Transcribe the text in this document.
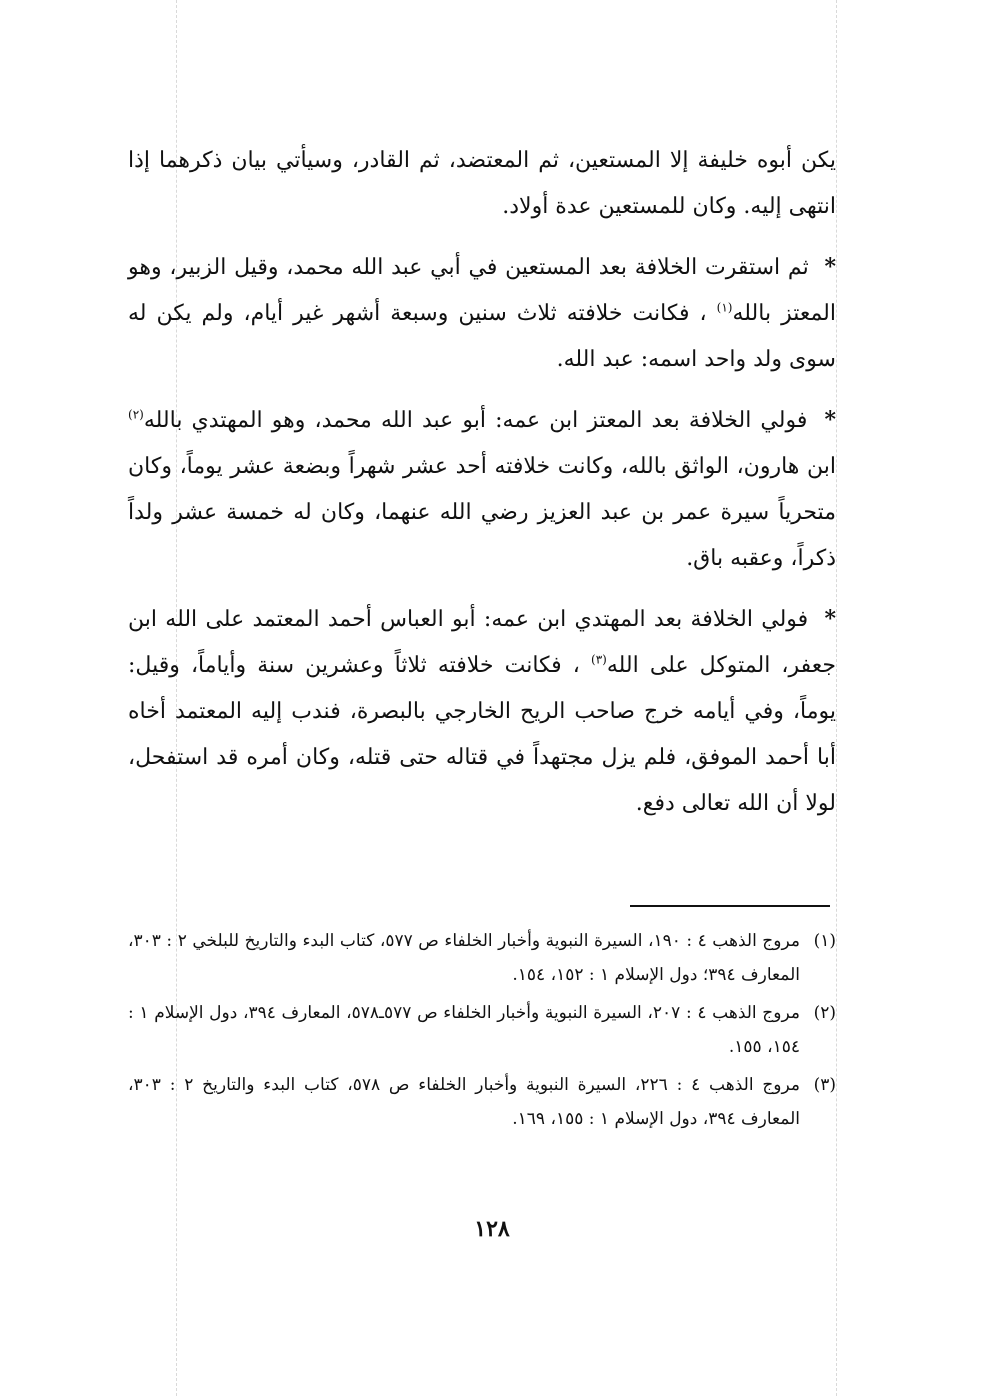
يكن أبوه خليفة إلا المستعين، ثم المعتضد، ثم القادر، وسيأتي بيان ذكرهما إذا انتهى إليه. وكان للمستعين عدة أولاد.

* ثم استقرت الخلافة بعد المستعين في أبي عبد الله محمد، وقيل الزبير، وهو المعتز بالله$^{(١)}$ ، فكانت خلافته ثلاث سنين وسبعة أشهر غير أيام، ولم يكن له سوى ولد واحد اسمه: عبد الله.

* فولي الخلافة بعد المعتز ابن عمه: أبو عبد الله محمد، وهو المهتدي بالله$^{(٢)}$ ابن هارون، الواثق بالله، وكانت خلافته أحد عشر شهراً وبضعة عشر يوماً، وكان متحرياً سيرة عمر بن عبد العزيز رضي الله عنهما، وكان له خمسة عشر ولداً ذكراً، وعقبه باق.

* فولي الخلافة بعد المهتدي ابن عمه: أبو العباس أحمد المعتمد على الله ابن جعفر، المتوكل على الله$^{(٣)}$ ، فكانت خلافته ثلاثاً وعشرين سنة وأياماً، وقيل: يوماً، وفي أيامه خرج صاحب الريح الخارجي بالبصرة، فندب إليه المعتمد أخاه أبا أحمد الموفق، فلم يزل مجتهداً في قتاله حتى قتله، وكان أمره قد استفحل، لولا أن الله تعالى دفع.

(١)
مروج الذهب ٤ : ١٩٠، السيرة النبوية وأخبار الخلفاء ص ٥٧٧، كتاب البدء والتاريخ للبلخي ٢ : ٣٠٣، المعارف ٣٩٤؛ دول الإسلام ١ : ١٥٢، ١٥٤.

(٢)
مروج الذهب ٤ : ٢٠٧، السيرة النبوية وأخبار الخلفاء ص ٥٧٧ـ٥٧٨، المعارف ٣٩٤، دول الإسلام ١ : ١٥٤، ١٥٥.

(٣)
مروج الذهب ٤ : ٢٢٦، السيرة النبوية وأخبار الخلفاء ص ٥٧٨، كتاب البدء والتاريخ ٢ : ٣٠٣، المعارف ٣٩٤، دول الإسلام ١ : ١٥٥، ١٦٩.

١٢٨
